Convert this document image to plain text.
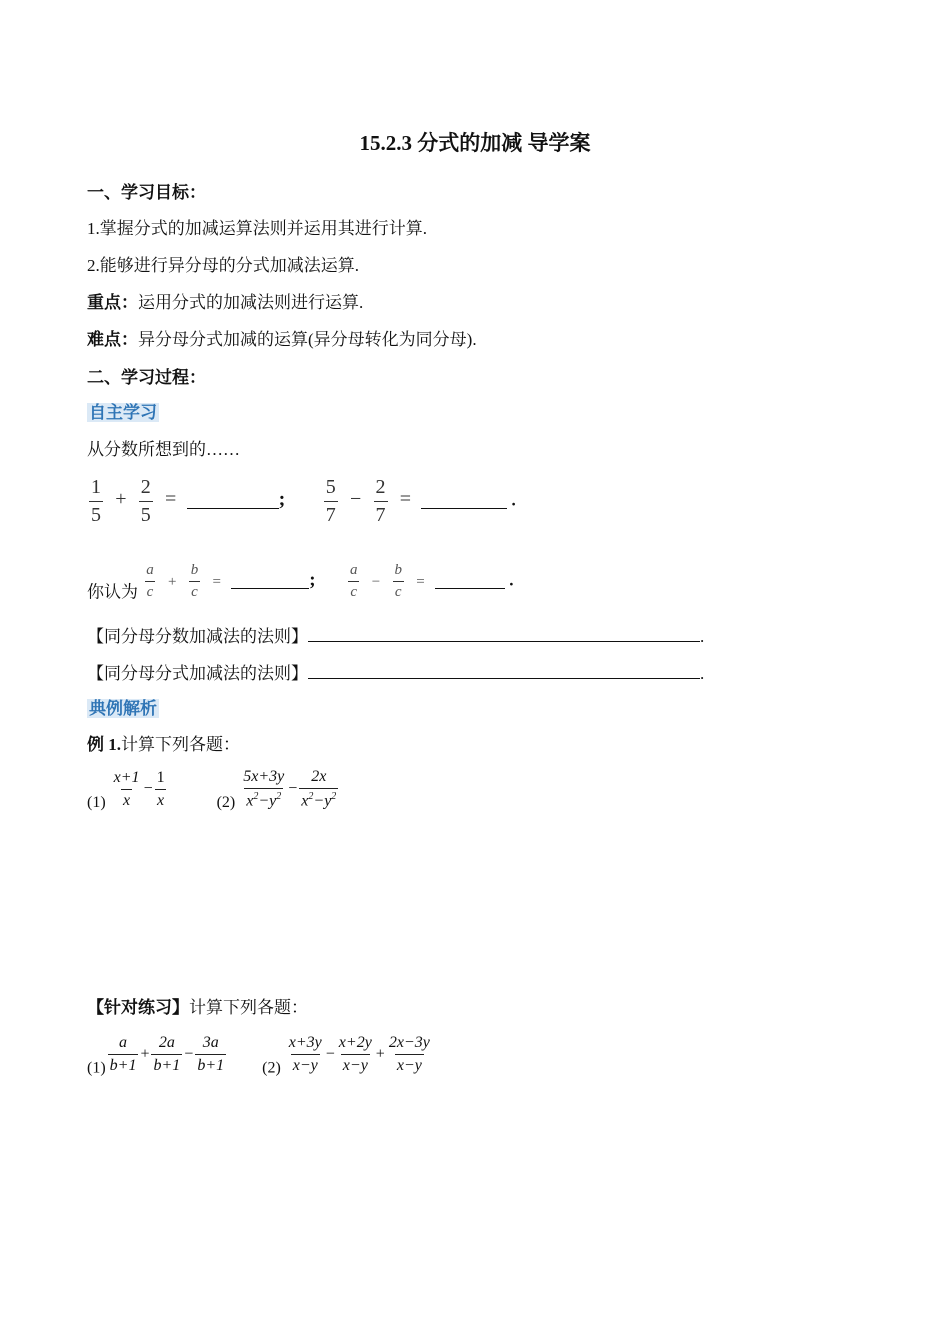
15.2.3 分式的加减 导学案
一、学习目标：
1.掌握分式的加减运算法则并运用其进行计算.
2.能够进行异分母的分式加减法运算.
重点：运用分式的加减法则进行运算.
难点：异分母分式加减的运算(异分母转化为同分母).
二、学习过程：
自主学习
从分数所想到的……
$\frac{1}{5} + \frac{2}{5}$ =	; $\frac{5}{7} - \frac{2}{7}$ =	.
你认为 $\frac{a}{c} + \frac{b}{c}$ =	; $\frac{a}{c} - \frac{b}{c}$ =	.
【同分母分数加减法的法则】	.
【同分母分式加减法的法则】	.
典例解析
例 1.计算下列各题：
$(1) \frac{x+1}{x} - \frac{1}{x}$	$(2) \frac{5x+3y}{x^2-y^2} - \frac{2x}{x^2-y^2}$
【针对练习】计算下列各题：
$(1) \frac{a}{b+1} + \frac{2a}{b+1} - \frac{3a}{b+1} (2) \frac{x+3y}{x-y} - \frac{x+2y}{x-y} + \frac{2x-3y}{x-y}$
